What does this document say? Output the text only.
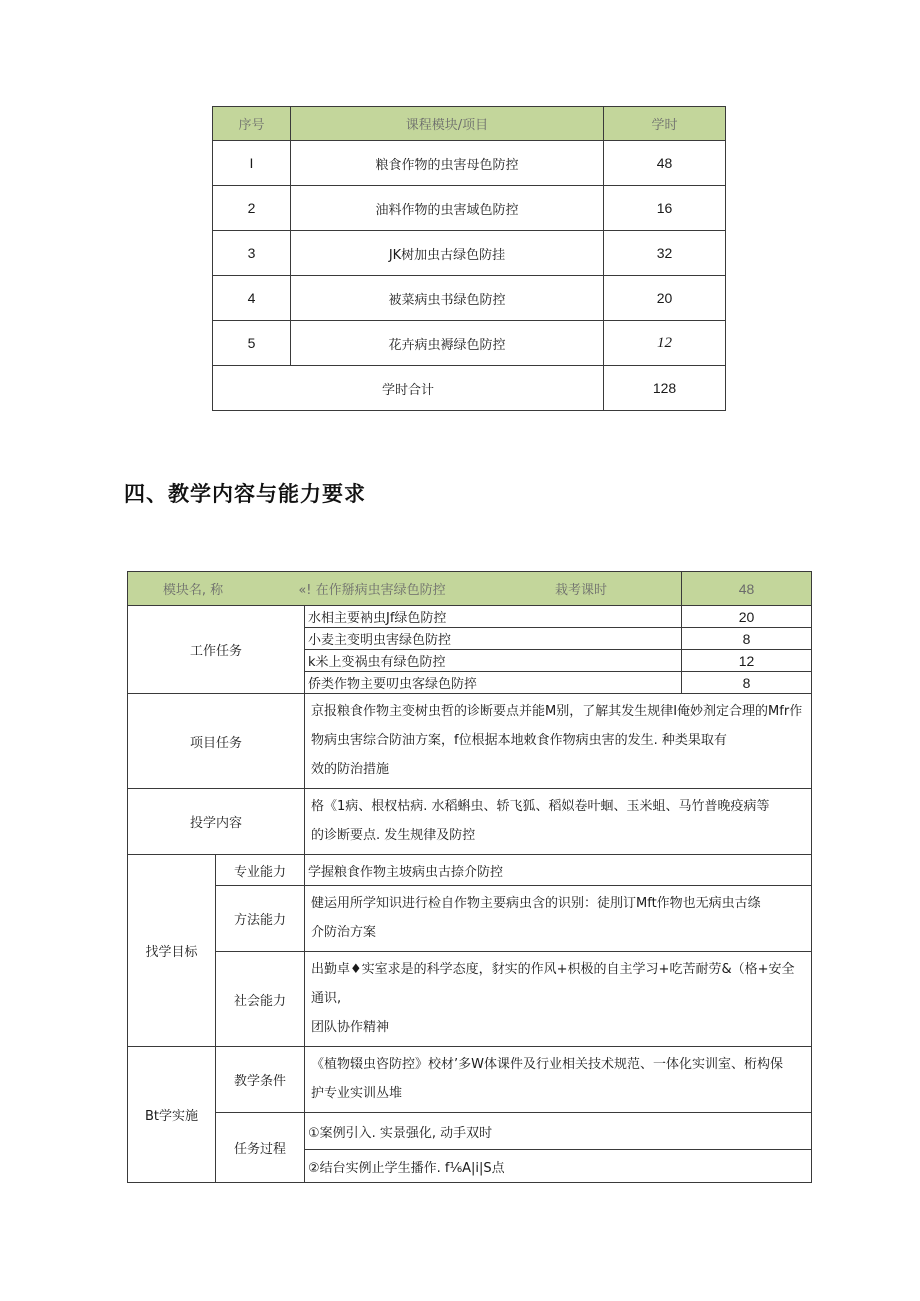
序号	课程模块/项目	学时
I	粮食作物的虫害母色防控	48
2	油料作物的虫害域色防控	16
3	JK树加虫古绿色防挂	32
4	被菜病虫书绿色防控	20
5	花卉病虫褥绿色防控	12
学时合计		128
四、教学内容与能力要求
模块名, 称 «! 在作掰病虫害绿色防控 栽考课时			48
工作任务		水相主要衲虫Jf绿色防控	20
		小麦主变明虫害绿色防控	8
		k米上变祸虫有绿色防控	12
		侨类作物主要叨虫客绿色防捽	8
项目任务		京报粮食作物主变树虫哲的诊断要点并能M别，了解其发生规律I俺妙剂定合理的Mfr作
物病虫害综合防油方案，f位根据本地敕食作物病虫害的发生. 种类果取有
效的防治措施	

投学内容		格《1病、根杈枯病. 水稻蝌虫、轿飞狐、稻姒卷叶蛔、玉米蛆、马竹普晚疫病等
的诊断要点. 发生规律及防控	

找学目标	专业能力	学握粮食作物主坡病虫古捺介防控	
	方法能力	健运用所学知识进行检自作物主要病虫含的识别：徒刖订Mft作物也无病虫古绦
介防治方案	

	社会能力	出勤卓♦实室求是的科学态度，豺实的作风+枳极的自主学习+吃苦耐劳&（格+安全通识,
团队协作精神	

Bt学实施	教学条件	《植物辍虫咨防控》校材’多W体课件及行业相关技术规范、一体化实训室、桁构保
护专业实训丛堆	

	任务过程	①案例引入. 实景强化, 动手双时	
		②结台实例止学生播作. f⅙A|i|S点	
